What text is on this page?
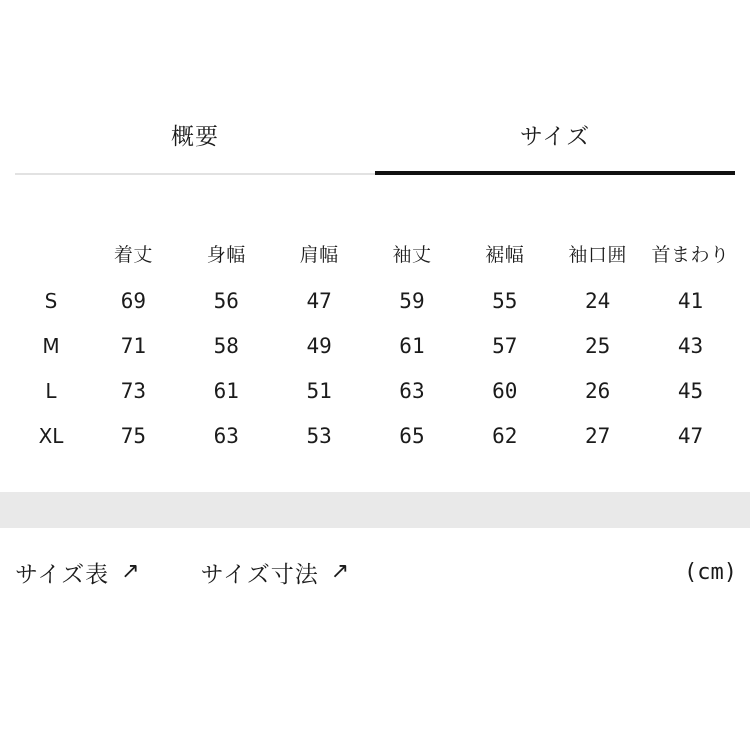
概要	サイズ
	着丈	身幅	肩幅	袖丈	裾幅	袖口囲	首まわり
S	69	56	47	59	55	24	41
M	71	58	49	61	57	25	43
L	73	61	51	63	60	26	45
XL	75	63	53	65	62	27	47
サイズ表 ↗	サイズ寸法 ↗	(cm)
